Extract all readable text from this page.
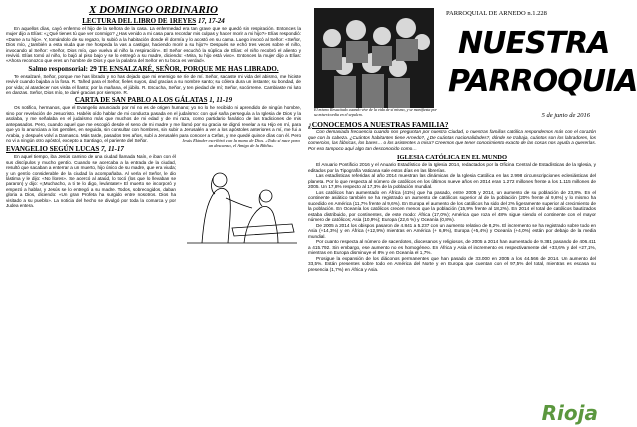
X DOMINGO ORDINARIO
LECTURA DEL LIBRO DE 1REYES 17, 17-24

En aquellos días, cayó enfermo el hijo de la señora de la casa. La enfermedad era tan grave que se quedó sin respiración. Entonces la mujer dijo a Elías: «¿Qué tienes tú que ver conmigo? ¿Has venido a mi casa para recordar mis culpas y hacer morir a mi hijo?» Elías respondió: «Dame a tu hijo». Y, tomándolo de su regazo, lo subió a la habitación donde él dormía y lo acostó en su cama. Luego invocó al Señor: «Señor, Dios mío, ¿también a esta viuda que me hospeda la vas a castigar, haciendo morir a su hijo?» Después se echó tres veces sobre el niño, invocando al Señor: «Señor, Dios mío, que vuelva al niño la respiración». El Señor escuchó la súplica de Elías: el niño recobró el aliento y revivió. Elías tomó al niño, lo bajó al piso bajo y se lo entregó a su madre, diciendo: «Mira, tu hijo está vivo». Entonces la mujer dijo a Elías: «Ahora reconozco que eres un hombre de Dios y que la palabra del Señor en tu boca es verdad».

Salmo responsorial: 29 TE ENSALZARÉ, SEÑOR, PORQUE ME HAS LIBRADO.

Te ensalzaré, Señor, porque me has librado y no has dejado que mi enemigo se ríe de mí. Señor, sacaste mi vida del abismo, me hiciste revivir cuando bajaba a la fosa. R. Tañed para el Señor, fieles suyos, dad gracias a su nombre santo; su cólera dura un instante; su bondad, de por vida; al atardecer nos visita el llanto; por la mañana, el júbilo. R. Escucha, Señor, y ten piedad de mí; Señor, socórreme. Cambiaste mi luto en danzas. Señor, Dios mío, te daré gracias por siempre. R.

CARTA DE SAN PABLO A LOS GÁLATAS 1, 11-19

Os notifico, hermanos, que el Evangelio anunciado por mí no es de origen humano; yo no lo he recibido ni aprendido de ningún hombre, sino por revelación de Jesucristo. Habéis oído hablar de mi conducta pasada en el judaísmo: con qué saña perseguía a la Iglesia de Dios y la asolaba, y me señalaba en el judaísmo más que muchos de mi edad y de mi raza, como partidario fanático de las tradiciones de mis antepasados. Pero, cuando aquel que me escogió desde el seno de mi madre y me llamó por su gracia se dignó revelar a su Hijo en mí, para que yo lo anunciara a los gentiles, en seguida, sin consultar con hombres, sin subir a Jerusalén a ver a los apóstoles anteriores a mí, me fui a Arabia, y después volví a Damasco. Más tarde, pasados tres años, subí a Jerusalén para conocer a Cefas, y me quedé quince días con él. Pero no vi a ningún otro apóstol, excepto a Santiago, el pariente del Señor.

EVANGELIO SEGÚN LUCAS 7, 11-17

En aquel tiempo, iba Jesús camino de una ciudad llamada Naín, e iban con él sus discípulos y mucho gentío. Cuando se acercaba a la entrada de la ciudad, resultó que sacaban a enterrar a un muerto, hijo único de su madre, que era viuda; y un gentío considerable de la ciudad la acompañaba. Al verla el Señor, le dio lástima y le dijo: «No llores». Se acercó al ataúd, lo tocó (los que lo llevaban se pararon) y dijo: «¡Muchacho, a ti te lo digo, levántate!» El muerto se incorporó y empezó a hablar, y Jesús se lo entregó a su madre. Todos, sobrecogidos, daban gloria a Dios, diciendo: «Un gran Profeta ha surgido entre nosotros. Dios ha visitado a su pueblo». La noticia del hecho se divulgó por toda la comarca y por Judea entera.

Jesús Ekinder escribirá con la mano de Dios. «Todo sí nace para un descanso, el Amigo de la Biblia»
PARROQUIAL DE ARNEDO n.1.228
NUESTRA
PARROQUIA
El mismo Resucitado cuando vive de la vida de sí mismo, y se manifiesta por su misericordia en el sepulcro.	5 de junio de 2016
¿CONOCEMOS A NUESTRAS FAMILIA?

Con demasiada frecuencia cuando nos preguntan por nuestra Ciudad, o nuestras familias católica respondemos más con el corazón que con la cabeza. ¿Cuántos habitantes tiene Arnedo?, ¿De cuántas nacionalidades?, dónde se trabaja, cuántos son los labradores, los comercios, las fábricas, los bares… o los asistentes a misa? Creemos que tener conocimiento exacto de las cosas nos ayuda a quererlas. Por eso tampoco aquí algo tan desconocido como…

IGLESIA CATÓLICA EN EL MUNDO

El Anuario Pontificio 2016 y el Anuario Estadístico de la Iglesia 2014, redactados por la Oficina Central de Estadísticas de la Iglesia, y editados por la Tipografía Vaticana sale estos días en las librerías.

Las estadísticas referidas al año 2014 muestran las dinámicas de la Iglesia Católica en las 2.998 circunscripciones eclesiásticas del planeta. Por lo que respecta al número de católicos en los últimos nueve años en 2014 eran 1.272 millones frente a los 1.115 millones de 2005. Un 17,8% respecto al 17,3% de la población mundial.

Los católicos han aumentado en África (41%) que ha pasado, entre 2005 y 2014, un aumento de su población de 23,8%. En el continente asiático también se ha registrado un aumento de católicos superior al de la población (20% frente al 9,6%) y lo mismo ha sucedido en América (11,7% frente al 9,6%). En Europa el aumento de los católicos ha sido del 2% ligeramente superior al crecimiento de la población. En Oceanía los católicos crecen menos que la población (15,9% frente al 18,2%). En 2014 el total de católicos bautizados estaba distribuido, por continentes, de este modo: África (17,0%); América que roza el 48% sigue siendo el continente con el mayor número de católicos; Asia (10,9%); Europa (22,6 %) y Oceanía (0,8%).

De 2005 a 2014 los obispos pasaron de 4.841 a 5.237 con un aumento relativo de 8,2%. El incremento se ha registrado sobre todo en Asia (+14,3%) y en África (+12,9%) mientras en América (+ 6,9%), Europa (+5,4%) y Oceanía (+4,0%) están por debajo de la media mundial.

Por cuanto respecta al número de sacerdotes, diocesanos y religiosos, de 2005 a 2014 han aumentado de 9.381 pasando de 406.411 a 415.792. Sin embargo, ese aumento no es homogéneo. En África y Asia el incremento es respectivamente del +33,6% y del +27,1%, mientras en Europa disminuye el 8% y en Oceanía el 1,7%.

Prosigue la expansión de los diáconos permanentes que han pasado de 33.000 en 2005 a los 44.566 de 2014. Un aumento del 33,5%. Están presentes sobre todo en América del Norte y en Europa que cuentan con el 97,5% del total, mientras es escasa su presencia (1,7%) en África y Asia.

Rioja
